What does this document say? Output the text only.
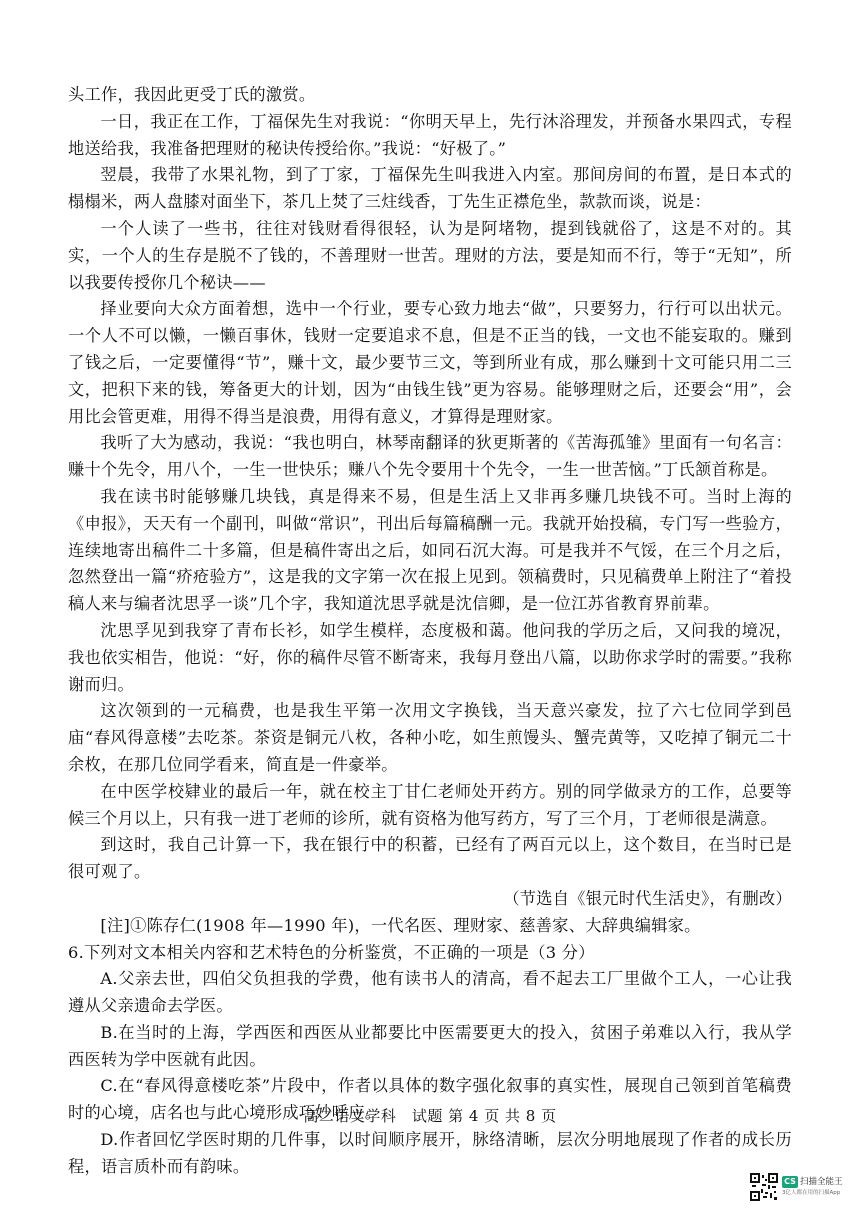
头工作，我因此更受丁氏的激赏。

一日，我正在工作，丁福保先生对我说：“你明天早上，先行沐浴理发，并预备水果四式，专程地送给我，我准备把理财的秘诀传授给你。”我说：“好极了。”

翌晨，我带了水果礼物，到了丁家，丁福保先生叫我进入内室。那间房间的布置，是日本式的榻榻米，两人盘膝对面坐下，茶几上焚了三炷线香，丁先生正襟危坐，款款而谈，说是：

一个人读了一些书，往往对钱财看得很轻，认为是阿堵物，提到钱就俗了，这是不对的。其实，一个人的生存是脱不了钱的，不善理财一世苦。理财的方法，要是知而不行，等于“无知”，所以我要传授你几个秘诀——

择业要向大众方面着想，选中一个行业，要专心致力地去“做”，只要努力，行行可以出状元。一个人不可以懒，一懒百事休，钱财一定要追求不息，但是不正当的钱，一文也不能妄取的。赚到了钱之后，一定要懂得“节”，赚十文，最少要节三文，等到所业有成，那么赚到十文可能只用二三文，把积下来的钱，筹备更大的计划，因为“由钱生钱”更为容易。能够理财之后，还要会“用”，会用比会管更难，用得不得当是浪费，用得有意义，才算得是理财家。

我听了大为感动，我说：“我也明白，林琴南翻译的狄更斯著的《苦海孤雏》里面有一句名言：赚十个先令，用八个，一生一世快乐；赚八个先令要用十个先令，一生一世苦恼。”丁氏颔首称是。

我在读书时能够赚几块钱，真是得来不易，但是生活上又非再多赚几块钱不可。当时上海的《申报》，天天有一个副刊，叫做“常识”，刊出后每篇稿酬一元。我就开始投稿，专门写一些验方，连续地寄出稿件二十多篇，但是稿件寄出之后，如同石沉大海。可是我并不气馁，在三个月之后，忽然登出一篇“疥疮验方”，这是我的文字第一次在报上见到。领稿费时，只见稿费单上附注了“着投稿人来与编者沈思孚一谈”几个字，我知道沈思孚就是沈信卿，是一位江苏省教育界前辈。

沈思孚见到我穿了青布长衫，如学生模样，态度极和蔼。他问我的学历之后，又问我的境况，我也依实相告，他说：“好，你的稿件尽管不断寄来，我每月登出八篇，以助你求学时的需要。”我称谢而归。

这次领到的一元稿费，也是我生平第一次用文字换钱，当天意兴豪发，拉了六七位同学到邑庙“春风得意楼”去吃茶。茶资是铜元八枚，各种小吃，如生煎馒头、蟹壳黄等，又吃掉了铜元二十余枚，在那几位同学看来，简直是一件豪举。

在中医学校肄业的最后一年，就在校主丁甘仁老师处开药方。别的同学做录方的工作，总要等候三个月以上，只有我一进丁老师的诊所，就有资格为他写药方，写了三个月，丁老师很是满意。

到这时，我自己计算一下，我在银行中的积蓄，已经有了两百元以上，这个数目，在当时已是很可观了。

（节选自《银元时代生活史》，有删改）

[注]①陈存仁(1908 年—1990 年)，一代名医、理财家、慈善家、大辞典编辑家。

6.下列对文本相关内容和艺术特色的分析鉴赏，不正确的一项是（3 分）

A.父亲去世，四伯父负担我的学费，他有读书人的清高，看不起去工厂里做个工人，一心让我遵从父亲遗命去学医。

B.在当时的上海，学西医和西医从业都要比中医需要更大的投入，贫困子弟难以入行，我从学西医转为学中医就有此因。

C.在“春风得意楼吃茶”片段中，作者以具体的数字强化叙事的真实性，展现自己领到首笔稿费时的心境，店名也与此心境形成巧妙呼应。

D.作者回忆学医时期的几件事，以时间顺序展开，脉络清晰，层次分明地展现了作者的成长历程，语言质朴而有韵味。

高二语文学科　试题 第 4 页 共 8 页
CS 扫描全能王
3亿人都在用的扫描App
